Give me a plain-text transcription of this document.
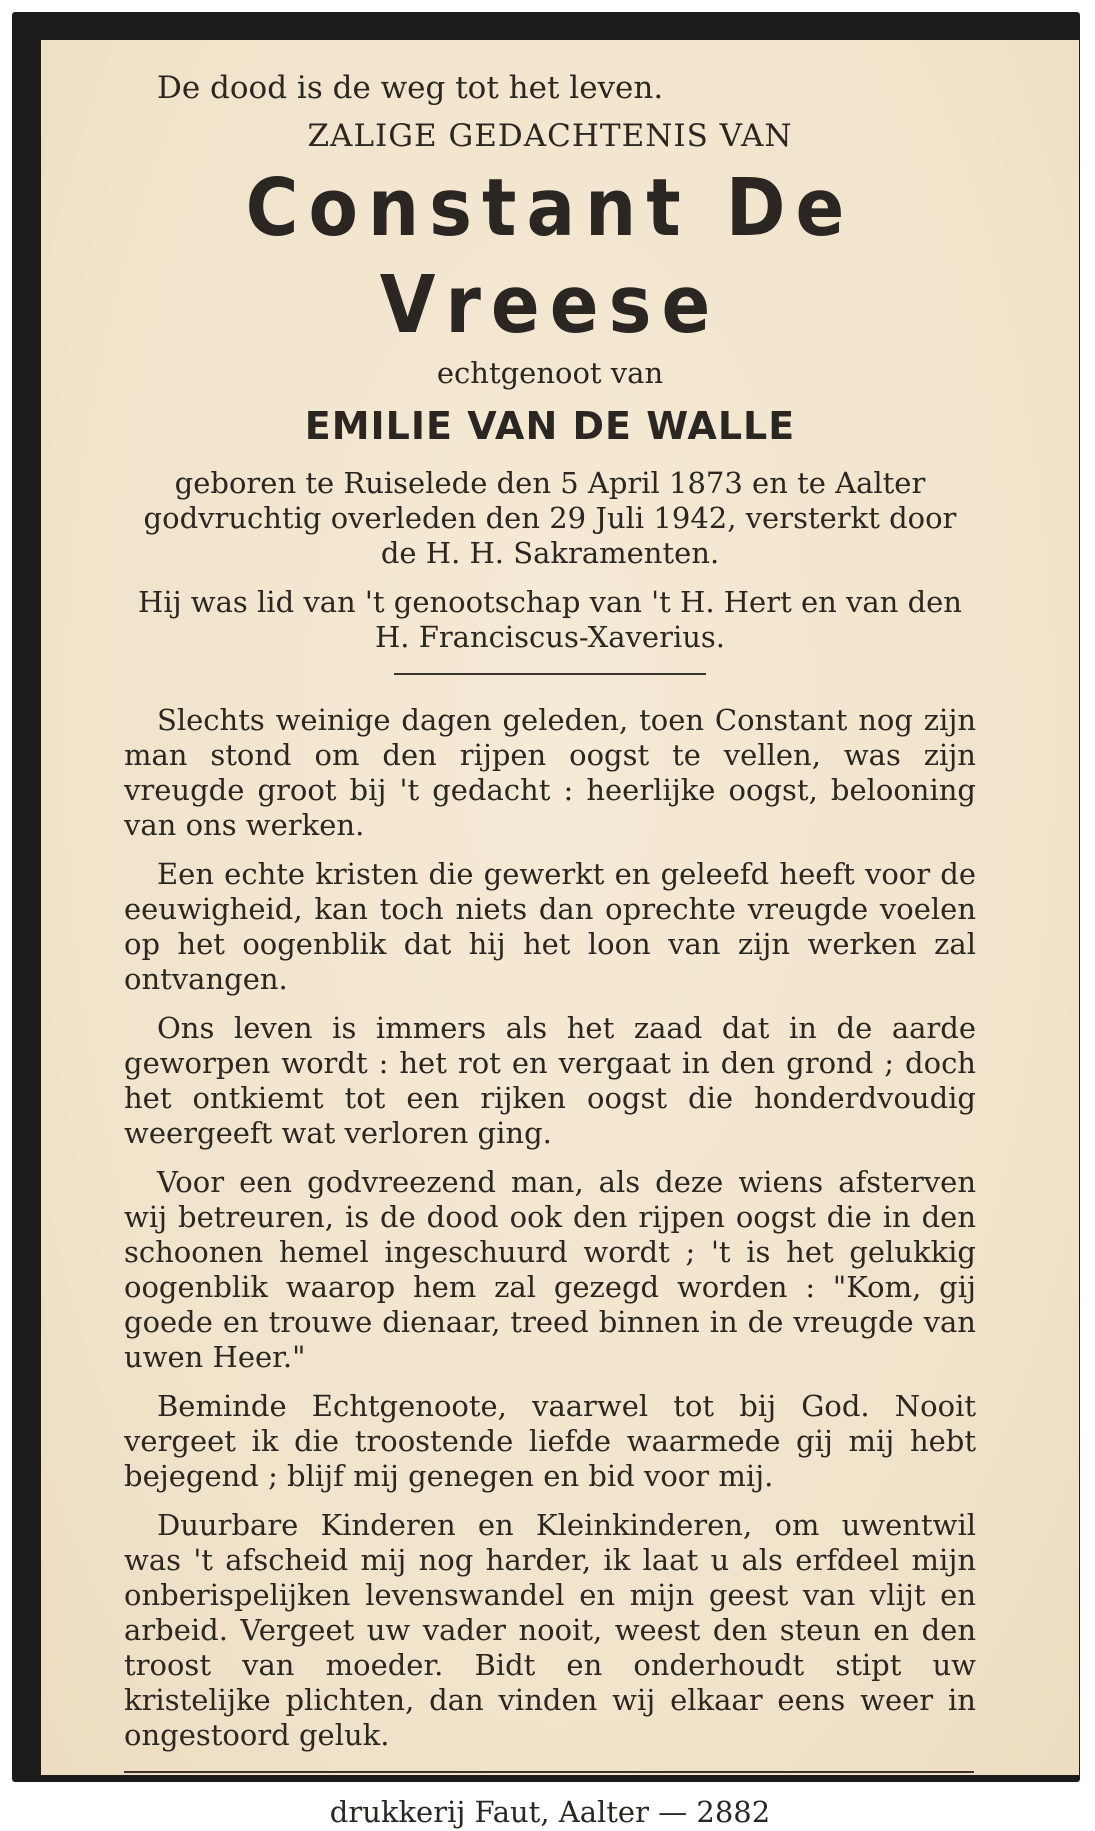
De dood is de weg tot het leven.

ZALIGE GEDACHTENIS VAN

Constant De Vreese

echtgenoot van

EMILIE VAN DE WALLE

geboren te Ruiselede den 5 April 1873 en te Aalter godvruchtig overleden den 29 Juli 1942, versterkt door de H. H. Sakramenten.

Hij was lid van 't genootschap van 't H. Hert en van den H. Franciscus-Xaverius.

Slechts weinige dagen geleden, toen Constant nog zijn man stond om den rijpen oogst te vellen, was zijn vreugde groot bij 't gedacht : heerlijke oogst, belooning van ons werken.

Een echte kristen die gewerkt en geleefd heeft voor de eeuwigheid, kan toch niets dan oprechte vreugde voelen op het oogenblik dat hij het loon van zijn werken zal ontvangen.

Ons leven is immers als het zaad dat in de aarde geworpen wordt : het rot en vergaat in den grond ; doch het ontkiemt tot een rijken oogst die honderdvoudig weergeeft wat verloren ging.

Voor een godvreezend man, als deze wiens afsterven wij betreuren, is de dood ook den rijpen oogst die in den schoonen hemel ingeschuurd wordt ; 't is het gelukkig oogenblik waarop hem zal gezegd worden : "Kom, gij goede en trouwe dienaar, treed binnen in de vreugde van uwen Heer."

Beminde Echtgenoote, vaarwel tot bij God. Nooit vergeet ik die troostende liefde waarmede gij mij hebt bejegend ; blijf mij genegen en bid voor mij.

Duurbare Kinderen en Kleinkinderen, om uwentwil was 't afscheid mij nog harder, ik laat u als erfdeel mijn onberispelijken levenswandel en mijn geest van vlijt en arbeid. Vergeet uw vader nooit, weest den steun en den troost van moeder. Bidt en onderhoudt stipt uw kristelijke plichten, dan vinden wij elkaar eens weer in ongestoord geluk.

drukkerij Faut, Aalter — 2882
